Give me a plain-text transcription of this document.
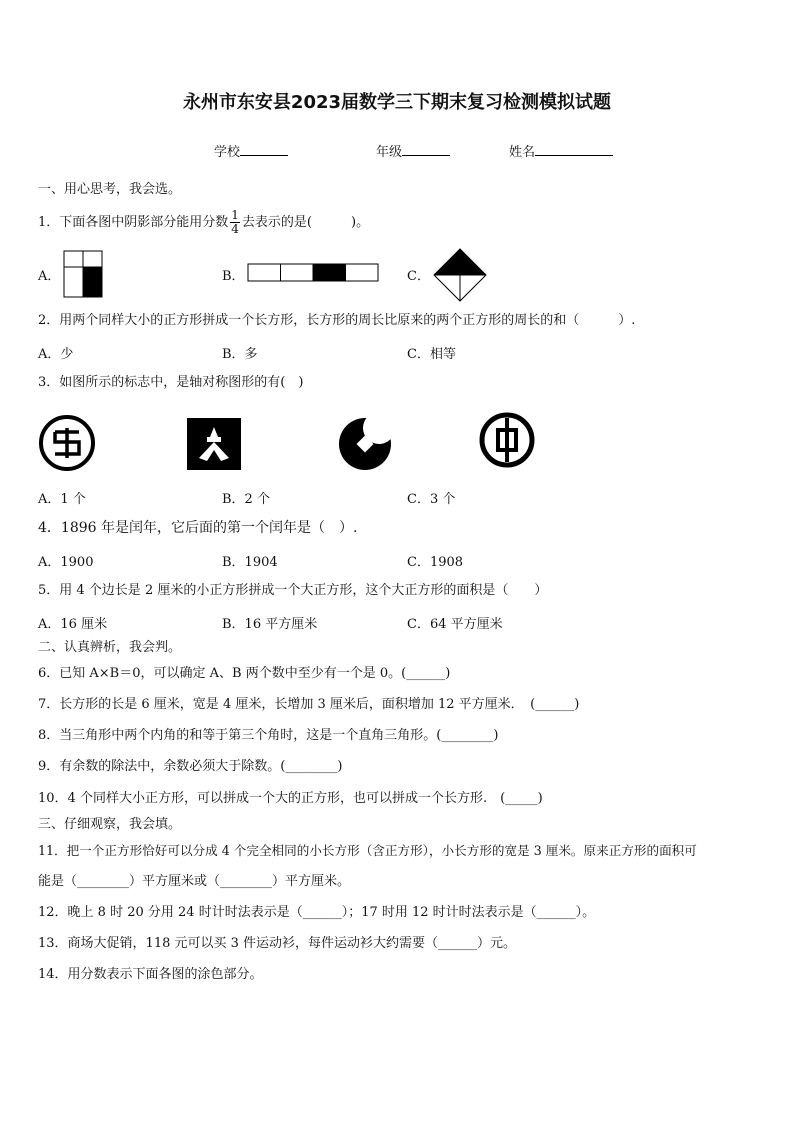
永州市东安县2023届数学三下期末复习检测模拟试题
学校	年级	姓名
一、用心思考，我会选。
1．下面各图中阴影部分能用分数 $\frac{1}{4}$ 去表示的是(　　　)。
A．	B．	C．
2．用两个同样大小的正方形拼成一个长方形，长方形的周长比原来的两个正方形的周长的和（　　　）.
A．少	B．多	C．相等
3．如图所示的标志中，是轴对称图形的有(　)
A．1 个	B．2 个	C．3 个
4．1896 年是闰年，它后面的第一个闰年是（　）.
A．1900	B．1904	C．1908
5．用 4 个边长是 2 厘米的小正方形拼成一个大正方形，这个大正方形的面积是（　　）
A．16 厘米	B．16 平方厘米	C．64 平方厘米
二、认真辨析，我会判。
6．已知 A×B＝0，可以确定 A、B 两个数中至少有一个是 0。(______)
7．长方形的长是 6 厘米，宽是 4 厘米，长增加 3 厘米后，面积增加 12 平方厘米．　(______)
8．当三角形中两个内角的和等于第三个角时，这是一个直角三角形。(________)
9．有余数的除法中，余数必须大于除数。(________)
10．4 个同样大小正方形，可以拼成一个大的正方形，也可以拼成一个长方形.　(_____)
三、仔细观察，我会填。
11．把一个正方形恰好可以分成 4 个完全相同的小长方形（含正方形），小长方形的宽是 3 厘米。原来正方形的面积可
能是（________）平方厘米或（________）平方厘米。
12．晚上 8 时 20 分用 24 时计时法表示是（______）；17 时用 12 时计时法表示是（______）。
13．商场大促销，118 元可以买 3 件运动衫，每件运动衫大约需要（______）元。
14．用分数表示下面各图的涂色部分。
